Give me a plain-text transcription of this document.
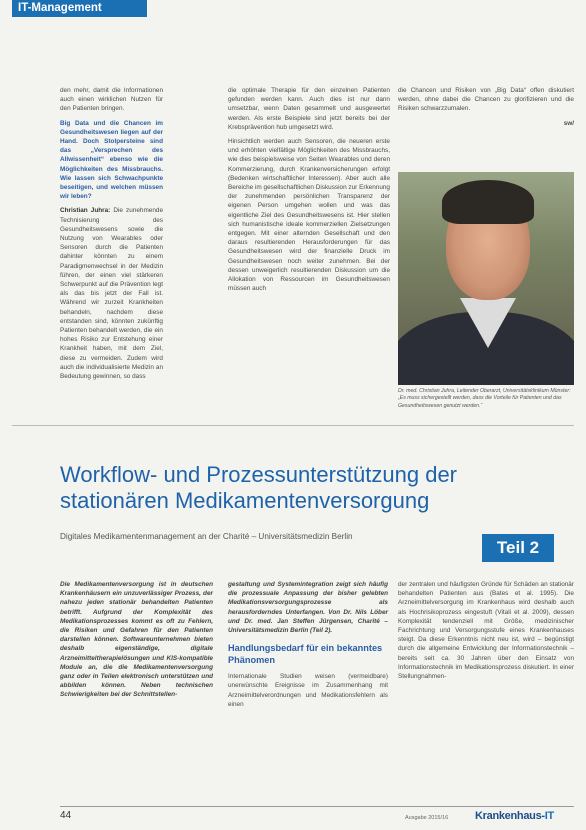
IT-Management

den mehr, damit die Informationen auch einen wirklichen Nutzen für den Patienten bringen.

Big Data und die Chancen im Gesundheitswesen liegen auf der Hand. Doch Stolpersteine sind das „Versprechen des Allwissenheit“ ebenso wie die Möglichkeiten des Missbrauchs. Wie lassen sich Schwachpunkte beseitigen, und welchen müssen wir leben?

Christian Juhra: Die zunehmende Technisierung des Gesundheitswesens sowie die Nutzung von Wearables oder Sensoren durch die Patienten dahinter könnten zu einem Paradigmenwechsel in der Medizin führen, der einen viel stärkeren Schwerpunkt auf die Prävention legt als das bis jetzt der Fall ist. Während wir zurzeit Krankheiten behandeln, nachdem diese entstanden sind, könnten zukünftig Patienten behandelt werden, die ein hohes Risiko zur Entstehung einer Krankheit haben, mit dem Ziel, diese zu vermeiden. Zudem wird auch die individualisierte Medizin an Bedeutung gewinnen, so dass

die optimale Therapie für den einzelnen Patienten gefunden werden kann. Auch dies ist nur dann umsetzbar, wenn Daten gesammelt und ausgewertet werden. Als erste Beispiele sind jetzt bereits bei der Krebsprävention hub umgesetzt wird.

Hinsichtlich werden auch Sensoren, die neueren erste und erhöhten vielfältige Möglichkeiten des Missbrauchs, wie dies beispielsweise von Seiten Wearables und deren Kommerzierung, durch Krankenversicherungen erfolgt (Bedenken wirtschaftlicher Interessen). Aber auch alle Bereiche im gesellschaftlichen Diskussion zur Erkennung der zunehmenden persönlichen Transparenz der eigenen Person umgehen wollen und was das eigentliche Ziel des Gesundheitswesens ist. Hier stellen sich humanistische ideale kommerziellen Zielsetzungen entgegen. Mit einer alternden Gesellschaft und den daraus resultierenden Herausforderungen für das Gesundheitswesen wird der finanzielle Druck im Gesundheitswesen noch weiter zunehmen. Bei der dessen unweigerlich resultierenden Diskussion um die Allokation von Ressourcen im Gesundheitswesen müssen auch

die Chancen und Risiken von „Big Data“ offen diskutiert werden, ohne dabei die Chancen zu glorifizieren und die Risiken schwarzzumalen.

sw/

Dr. med. Christian Juhra, Leitender Oberarzt, Universitätsklinikum Münster: „Es muss sichergestellt werden, dass die Vorteile für Patienten und das Gesundheitswesen genutzt werden.“
Workflow- und Prozessunterstützung der stationären Medikamentenversorgung
Digitales Medikamentenmanagement an der Charité – Universitätsmedizin Berlin
Teil 2

Die Medikamentenversorgung ist in deutschen Krankenhäusern ein unzuverlässiger Prozess, der nahezu jeden stationär behandelten Patienten betrifft. Aufgrund der Komplexität des Medikationsprozesses kommt es oft zu Fehlern, die Risiken und Gefahren für den Patienten darstellen können. Softwareunternehmen bieten deshalb eigenständige, digitale Arzneimitteltherapielösungen und KIS-kompatible Module an, die die Medikamentenversorgung ganz oder in Teilen elektronisch unterstützen und abbilden können. Neben technischen Schwierigkeiten bei der Schnittstellen-

gestaltung und Systemintegration zeigt sich häufig die prozessuale Anpassung der bisher gelebten Medikationsversorgungsprozesse als herausforderndes Unterfangen. Von Dr. Nils Löber und Dr. med. Jan Steffen Jürgensen, Charité – Universitätsmedizin Berlin (Teil 2).

Handlungsbedarf für ein bekanntes Phänomen

Internationale Studien weisen (vermeidbare) unerwünschte Ereignisse im Zusammenhang mit Arzneimittelverordnungen und Medikationsfehlern als einen

der zentralen und häufigsten Gründe für Schäden an stationär behandelten Patienten aus (Bates et al. 1995). Die Arzneimittelversorgung im Krankenhaus wird deshalb auch als Hochrisikoprozess eingestuft (Vitali et al. 2009), dessen Komplexität tendenziell mit Größe, medizinischer Fachrichtung und Versorgungsstufe eines Krankenhauses steigt. Da diese Erkenntnis nicht neu ist, wird – begünstigt durch die allgemeine Entwicklung der Informationstechnik – bereits seit ca. 30 Jahren über den Einsatz von Informationstechnik im Medikationsprozess diskutiert. In einer Stellungnahmen-

44	Ausgabe 2015/16 Krankenhaus-IT
